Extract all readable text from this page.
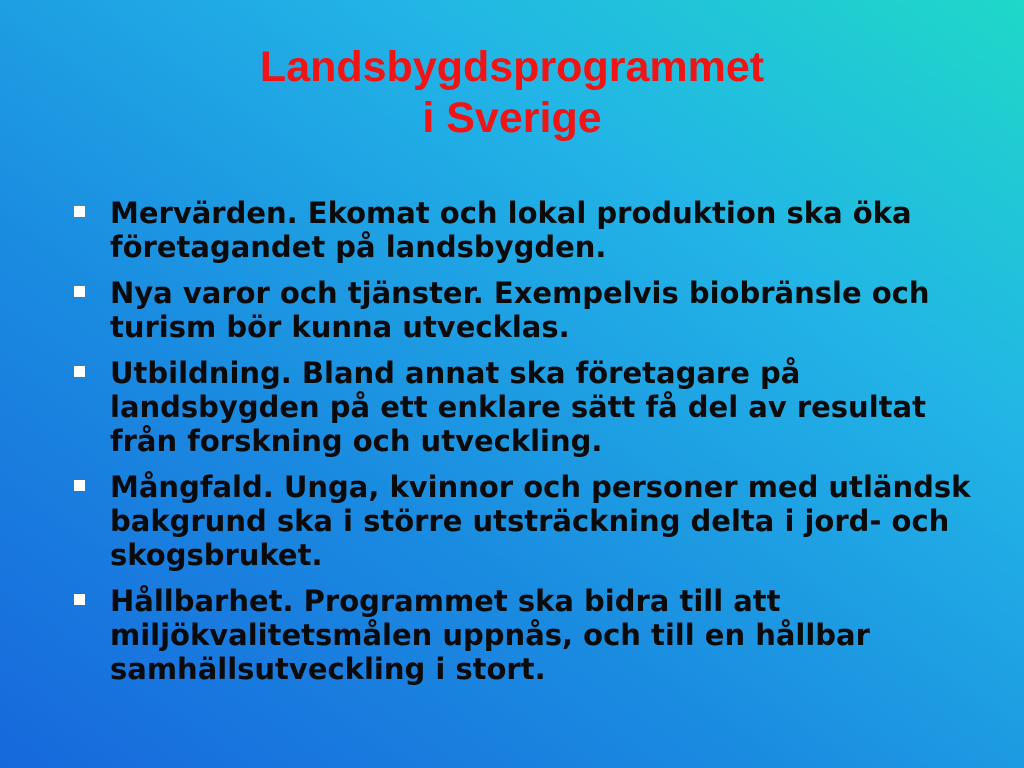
Landsbygdsprogrammet
i Sverige
Mervärden. Ekomat och lokal produktion ska öka företagandet på landsbygden.
Nya varor och tjänster. Exempelvis biobränsle och turism bör kunna utvecklas.
Utbildning. Bland annat ska företagare på landsbygden på ett enklare sätt få del av resultat från forskning och utveckling.
Mångfald. Unga, kvinnor och personer med utländsk bakgrund ska i större utsträckning delta i jord- och skogsbruket.
Hållbarhet. Programmet ska bidra till att miljökvalitetsmålen uppnås, och till en hållbar samhällsutveckling i stort.
